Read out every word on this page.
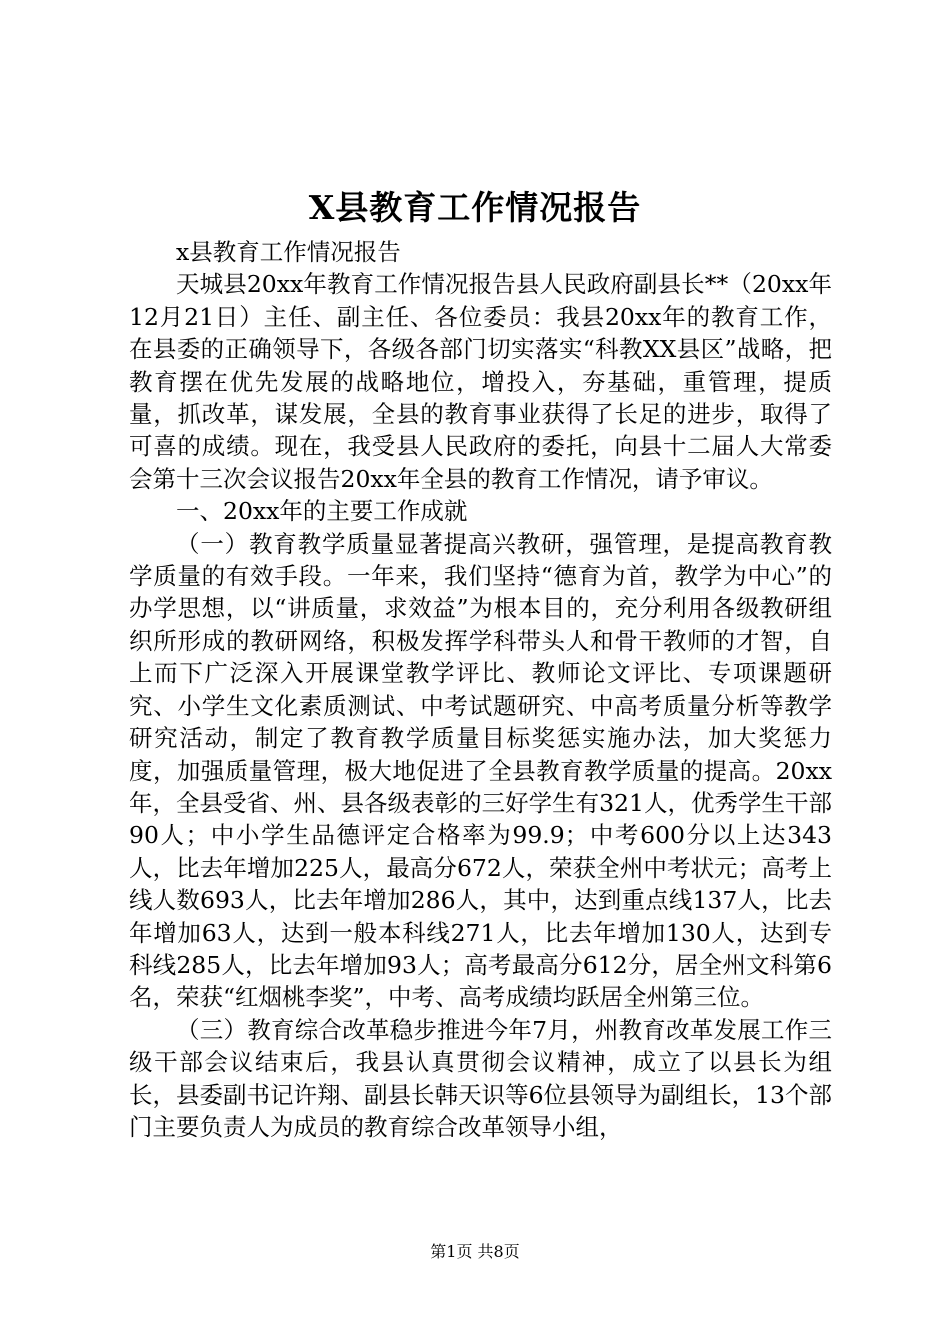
X县教育工作情况报告

x县教育工作情况报告

天城县20xx年教育工作情况报告县人民政府副县长**（20xx年12月21日）主任、副主任、各位委员：我县20xx年的教育工作，在县委的正确领导下，各级各部门切实落实“科教XX县区”战略，把教育摆在优先发展的战略地位，增投入，夯基础，重管理，提质量，抓改革，谋发展，全县的教育事业获得了长足的进步，取得了可喜的成绩。现在，我受县人民政府的委托，向县十二届人大常委会第十三次会议报告20xx年全县的教育工作情况，请予审议。

一、20xx年的主要工作成就

（一）教育教学质量显著提高兴教研，强管理，是提高教育教学质量的有效手段。一年来，我们坚持“德育为首，教学为中心”的办学思想，以“讲质量，求效益”为根本目的，充分利用各级教研组织所形成的教研网络，积极发挥学科带头人和骨干教师的才智，自上而下广泛深入开展课堂教学评比、教师论文评比、专项课题研究、小学生文化素质测试、中考试题研究、中高考质量分析等教学研究活动，制定了教育教学质量目标奖惩实施办法，加大奖惩力度，加强质量管理，极大地促进了全县教育教学质量的提高。20xx年，全县受省、州、县各级表彰的三好学生有321人，优秀学生干部90人；中小学生品德评定合格率为99.9；中考600分以上达343人，比去年增加225人，最高分672人，荣获全州中考状元；高考上线人数693人，比去年增加286人，其中，达到重点线137人，比去年增加63人，达到一般本科线271人，比去年增加130人，达到专科线285人，比去年增加93人；高考最高分612分，居全州文科第6名，荣获“红烟桃李奖”，中考、高考成绩均跃居全州第三位。

（三）教育综合改革稳步推进今年7月，州教育改革发展工作三级干部会议结束后，我县认真贯彻会议精神，成立了以县长为组长，县委副书记许翔、副县长韩天识等6位县领导为副组长，13个部门主要负责人为成员的教育综合改革领导小组，

第1页 共8页
